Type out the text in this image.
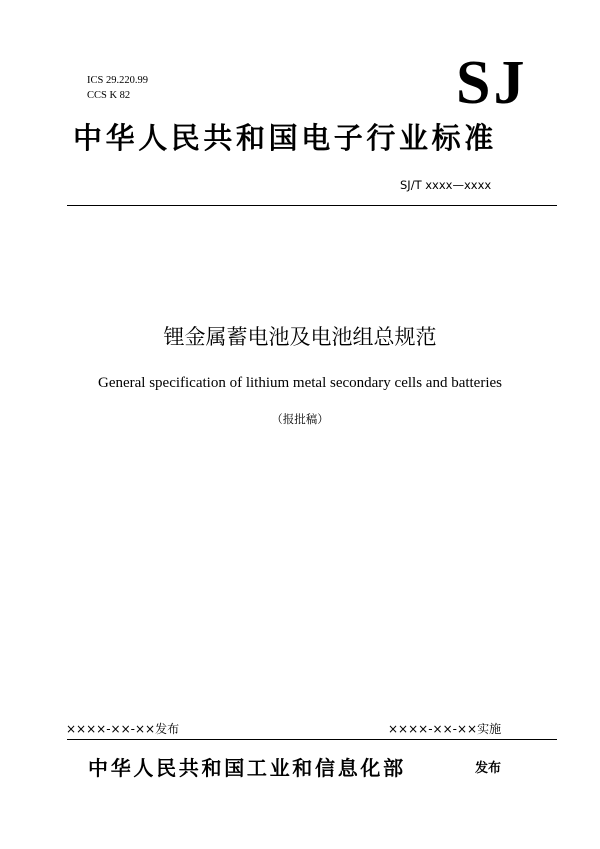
ICS 29.220.99
CCS K 82	SJ
中华人民共和国电子行业标准
SJ/T xxxx—xxxx
锂金属蓄电池及电池组总规范
General specification of lithium metal secondary cells and batteries
（报批稿）
××××-××-××发布	××××-××-××实施
中华人民共和国工业和信息化部	发布
